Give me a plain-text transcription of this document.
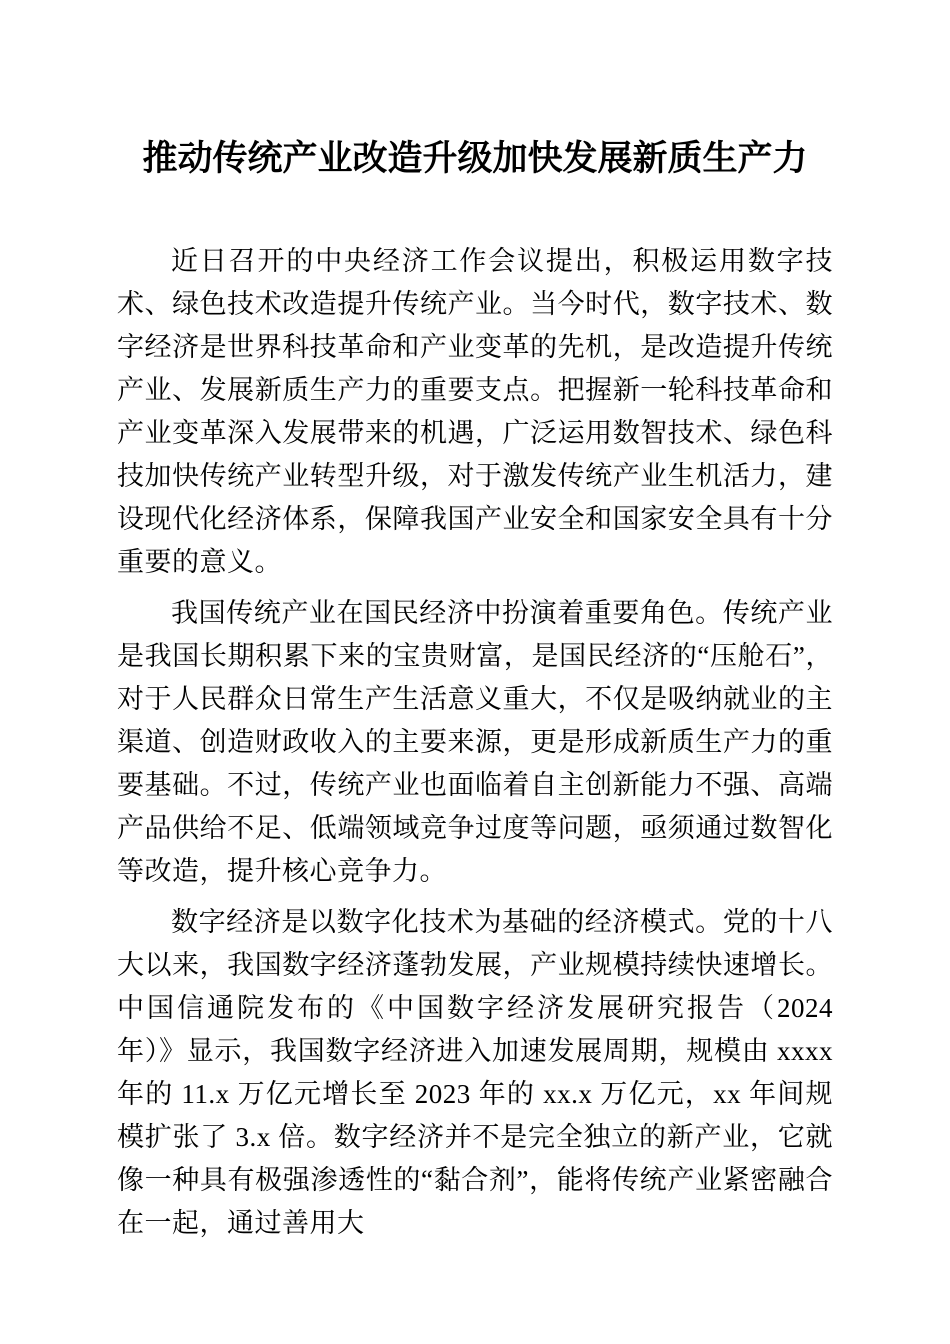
推动传统产业改造升级加快发展新质生产力

近日召开的中央经济工作会议提出，积极运用数字技术、绿色技术改造提升传统产业。当今时代，数字技术、数字经济是世界科技革命和产业变革的先机，是改造提升传统产业、发展新质生产力的重要支点。把握新一轮科技革命和产业变革深入发展带来的机遇，广泛运用数智技术、绿色科技加快传统产业转型升级，对于激发传统产业生机活力，建设现代化经济体系，保障我国产业安全和国家安全具有十分重要的意义。

我国传统产业在国民经济中扮演着重要角色。传统产业是我国长期积累下来的宝贵财富，是国民经济的“压舱石”，对于人民群众日常生产生活意义重大，不仅是吸纳就业的主渠道、创造财政收入的主要来源，更是形成新质生产力的重要基础。不过，传统产业也面临着自主创新能力不强、高端产品供给不足、低端领域竞争过度等问题，亟须通过数智化等改造，提升核心竞争力。

数字经济是以数字化技术为基础的经济模式。党的十八大以来，我国数字经济蓬勃发展，产业规模持续快速增长。中国信通院发布的《中国数字经济发展研究报告（2024 年）》显示，我国数字经济进入加速发展周期，规模由 xxxx 年的 11.x 万亿元增长至 2023 年的 xx.x 万亿元，xx 年间规模扩张了 3.x 倍。数字经济并不是完全独立的新产业，它就像一种具有极强渗透性的“黏合剂”，能将传统产业紧密融合在一起，通过善用大
